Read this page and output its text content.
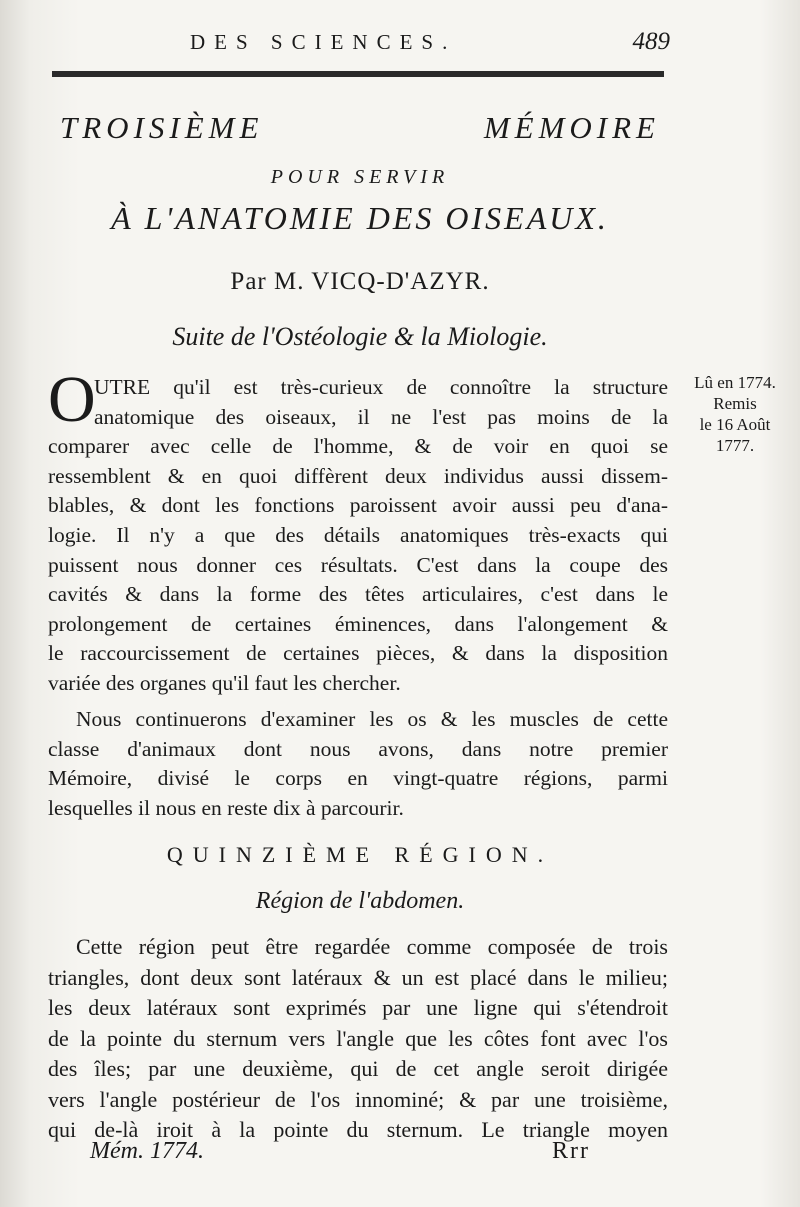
DES SCIENCES.	489
TROISIÈME	MÉMOIRE
POUR SERVIR
À L'ANATOMIE DES OISEAUX.
Par M. VICQ-D'AZYR.
Suite de l'Ostéologie & la Miologie.
Lû en 1774.
Remis
le 16 Août
1777.
O
UTRE qu'il est très-curieux de connoître la structure
anatomique des oiseaux, il ne l'est pas moins de la
comparer avec celle de l'homme, & de voir en quoi se
ressemblent & en quoi diffèrent deux individus aussi dissem-
blables, & dont les fonctions paroissent avoir aussi peu d'ana-
logie. Il n'y a que des détails anatomiques très-exacts qui
puissent nous donner ces résultats. C'est dans la coupe des
cavités & dans la forme des têtes articulaires, c'est dans le
prolongement de certaines éminences, dans l'alongement &
le raccourcissement de certaines pièces, & dans la disposition
variée des organes qu'il faut les chercher.
Nous continuerons d'examiner les os & les muscles de cette
classe d'animaux dont nous avons, dans notre premier
Mémoire, divisé le corps en vingt-quatre régions, parmi
lesquelles il nous en reste dix à parcourir.
QUINZIÈME RÉGION.
Région de l'abdomen.
Cette région peut être regardée comme composée de trois
triangles, dont deux sont latéraux & un est placé dans le milieu;
les deux latéraux sont exprimés par une ligne qui s'étendroit
de la pointe du sternum vers l'angle que les côtes font avec l'os
des îles; par une deuxième, qui de cet angle seroit dirigée
vers l'angle postérieur de l'os innominé; & par une troisième,
qui de-là iroit à la pointe du sternum. Le triangle moyen
Mém. 1774.	Rrr
